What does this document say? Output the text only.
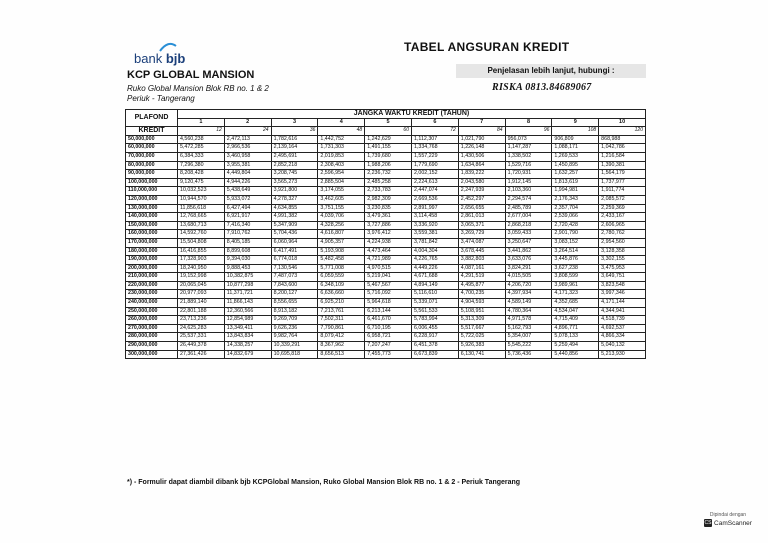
bank bjb
KCP GLOBAL MANSION
Ruko Global Mansion Blok RB no. 1 & 2
Periuk - Tangerang
TABEL ANGSURAN KREDIT
Penjelasan lebih lanjut, hubungi :
RISKA 0813.84689067
PLAFOND	JANGKA WAKTU KREDIT (TAHUN)									
	1	2	3	4	5	6	7	8	9	10
KREDIT	12	24	36	48	60	72	84	96	108	120
50,000,000	4,560,238	2,472,113	1,782,616	1,442,752	1,242,629	1,112,307	1,021,790	956,073	906,809	868,988
60,000,000	5,472,285	2,966,536	2,139,164	1,731,303	1,491,155	1,334,768	1,226,148	1,147,287	1,088,171	1,042,786
70,000,000	6,384,333	3,460,958	2,495,691	2,019,853	1,739,680	1,557,229	1,430,506	1,338,502	1,269,533	1,216,584
80,000,000	7,296,380	3,955,381	2,852,218	2,308,403	1,988,206	1,779,690	1,634,864	1,529,716	1,450,895	1,390,381
90,000,000	8,208,428	4,449,804	3,208,745	2,596,954	2,236,732	2,002,152	1,839,222	1,720,931	1,632,257	1,564,179
100,000,000	9,120,475	4,944,226	3,565,273	2,885,504	2,485,258	2,224,613	2,043,580	1,912,145	1,813,619	1,737,977
110,000,000	10,032,523	5,438,649	3,921,800	3,174,055	2,733,783	2,447,074	2,247,939	2,103,360	1,994,981	1,911,774
120,000,000	10,944,570	5,933,072	4,278,327	3,462,605	2,982,309	2,669,536	2,452,297	2,294,574	2,176,343	2,085,572
130,000,000	11,856,618	6,427,494	4,634,855	3,751,155	3,230,835	2,891,997	2,656,655	2,485,789	2,357,704	2,259,369
140,000,000	12,768,665	6,921,917	4,991,382	4,039,706	3,479,361	3,114,458	2,861,013	2,677,004	2,539,066	2,433,167
150,000,000	13,680,713	7,416,340	5,347,909	4,328,256	3,727,886	3,336,920	3,065,371	2,868,218	2,720,428	2,606,965
160,000,000	14,592,760	7,910,762	5,704,436	4,616,807	3,976,412	3,559,381	3,269,729	3,059,433	2,901,790	2,780,762
170,000,000	15,504,808	8,405,185	6,060,964	4,905,357	4,224,938	3,781,842	3,474,087	3,250,647	3,083,152	2,954,560
180,000,000	16,416,855	8,899,608	6,417,491	5,193,908	4,473,464	4,004,304	3,678,445	3,441,862	3,264,514	3,128,358
190,000,000	17,328,903	9,394,030	6,774,018	5,482,458	4,721,989	4,226,765	3,882,803	3,633,076	3,445,876	3,302,155
200,000,000	18,240,950	9,888,453	7,130,546	5,771,008	4,970,515	4,449,226	4,087,161	3,824,291	3,627,238	3,475,953
210,000,000	19,152,998	10,382,875	7,487,073	6,059,559	5,219,041	4,671,688	4,291,519	4,015,505	3,808,599	3,649,751
220,000,000	20,065,045	10,877,298	7,843,600	6,348,109	5,467,567	4,894,149	4,495,877	4,206,720	3,989,961	3,823,548
230,000,000	20,977,093	11,371,721	8,200,127	6,636,660	5,716,092	5,116,610	4,700,235	4,397,934	4,171,323	3,997,346
240,000,000	21,889,140	11,866,143	8,556,655	6,925,210	5,964,618	5,339,071	4,904,593	4,589,149	4,352,685	4,171,144
250,000,000	22,801,188	12,360,566	8,913,182	7,213,761	6,213,144	5,561,533	5,108,951	4,780,364	4,534,047	4,344,941
260,000,000	23,713,236	12,854,989	9,269,709	7,502,311	6,461,670	5,783,994	5,313,309	4,971,578	4,715,409	4,518,739
270,000,000	24,625,283	13,349,411	9,626,236	7,790,861	6,710,195	6,006,455	5,517,667	5,162,793	4,896,771	4,692,537
280,000,000	25,537,331	13,843,834	9,982,764	8,079,412	6,958,721	6,228,917	5,722,025	5,354,007	5,078,133	4,866,334
290,000,000	26,449,378	14,338,257	10,339,291	8,367,962	7,207,247	6,451,378	5,926,383	5,545,222	5,259,494	5,040,132
300,000,000	27,361,426	14,832,679	10,695,818	8,656,513	7,455,773	6,673,839	6,130,741	5,736,436	5,440,856	5,213,930
*) - Formulir dapat diambil dibank bjb KCPGlobal Mansion, Ruko Global Mansion Blok RB no. 1 & 2 - Periuk Tangerang
Dipindai dengan
CS CamScanner
